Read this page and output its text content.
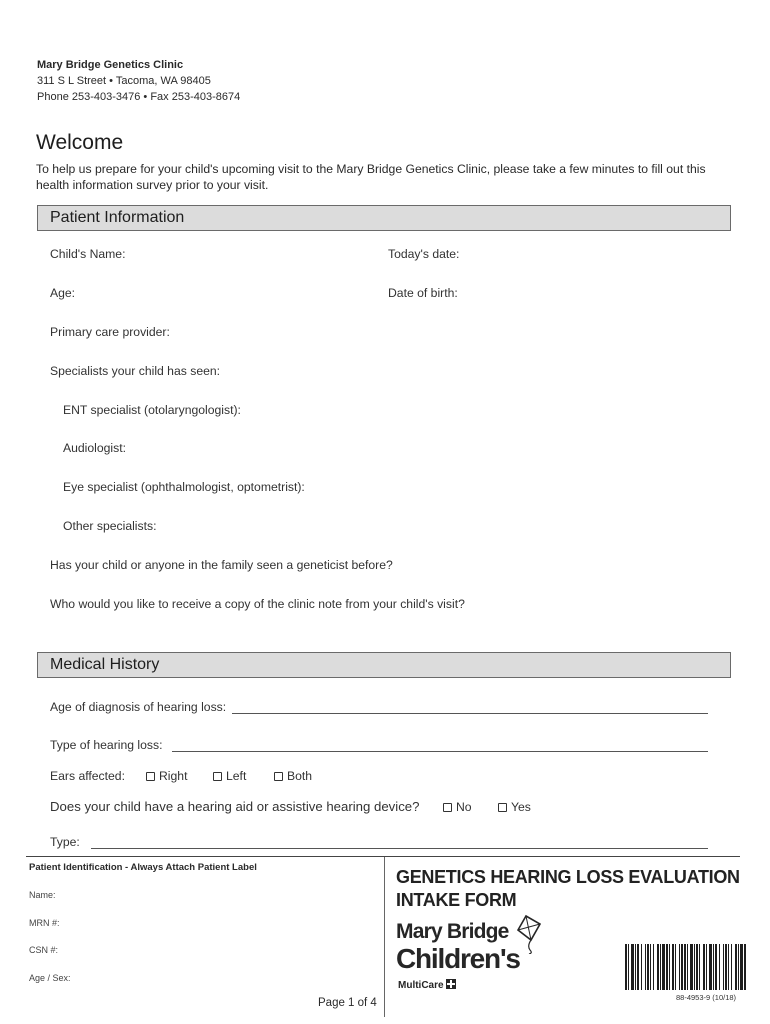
Mary Bridge Genetics Clinic
311 S L Street • Tacoma, WA 98405
Phone 253-403-3476 • Fax 253-403-8674
Welcome
To help us prepare for your child's upcoming visit to the Mary Bridge Genetics Clinic, please take a few minutes to fill out this health information survey prior to your visit.
Patient Information
Child's Name:	Today's date:
Age:	Date of birth:
Primary care provider:
Specialists your child has seen:
ENT specialist (otolaryngologist):
Audiologist:
Eye specialist (ophthalmologist, optometrist):
Other specialists:
Has your child or anyone in the family seen a geneticist before?
Who would you like to receive a copy of the clinic note from your child's visit?
Medical History
Age of diagnosis of hearing loss:
Type of hearing loss:
Ears affected:	Right	Left	Both
Does your child have a hearing aid or assistive hearing device?	No	Yes
Type:
Patient Identification - Always Attach Patient Label
Name:
MRN #:
CSN #:
Age / Sex:
GENETICS HEARING LOSS EVALUATION
INTAKE FORM
Mary Bridge
Children's
MultiCare
Page 1 of 4	88-4953-9 (10/18)
